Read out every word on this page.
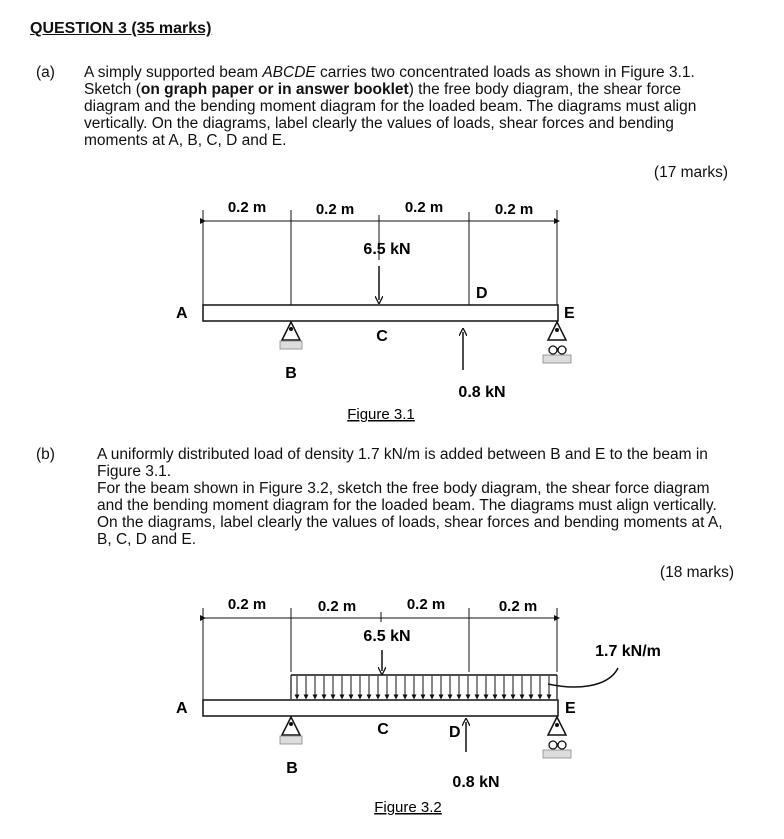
QUESTION 3 (35 marks)
(a) A simply supported beam ABCDE carries two concentrated loads as shown in Figure 3.1. Sketch (on graph paper or in answer booklet) the free body diagram, the shear force diagram and the bending moment diagram for the loaded beam. The diagrams must align vertically. On the diagrams, label clearly the values of loads, shear forces and bending moments at A, B, C, D and E.
(17 marks)
0.2 m	0.2 m	0.2 m	0.2 m
6.5 kN
A
C
D
E
B
0.8 kN
Figure 3.1
(b)	A uniformly distributed load of density 1.7 kN/m is added between B and E to the beam in Figure 3.1.
For the beam shown in Figure 3.2, sketch the free body diagram, the shear force diagram and the bending moment diagram for the loaded beam. The diagrams must align vertically. On the diagrams, label clearly the values of loads, shear forces and bending moments at A, B, C, D and E.
(18 marks)
0.2 m	0.2 m	0.2 m	0.2 m
6.5 kN
1.7 kN/m
A
C	D
E
B
0.8 kN
Figure 3.2
